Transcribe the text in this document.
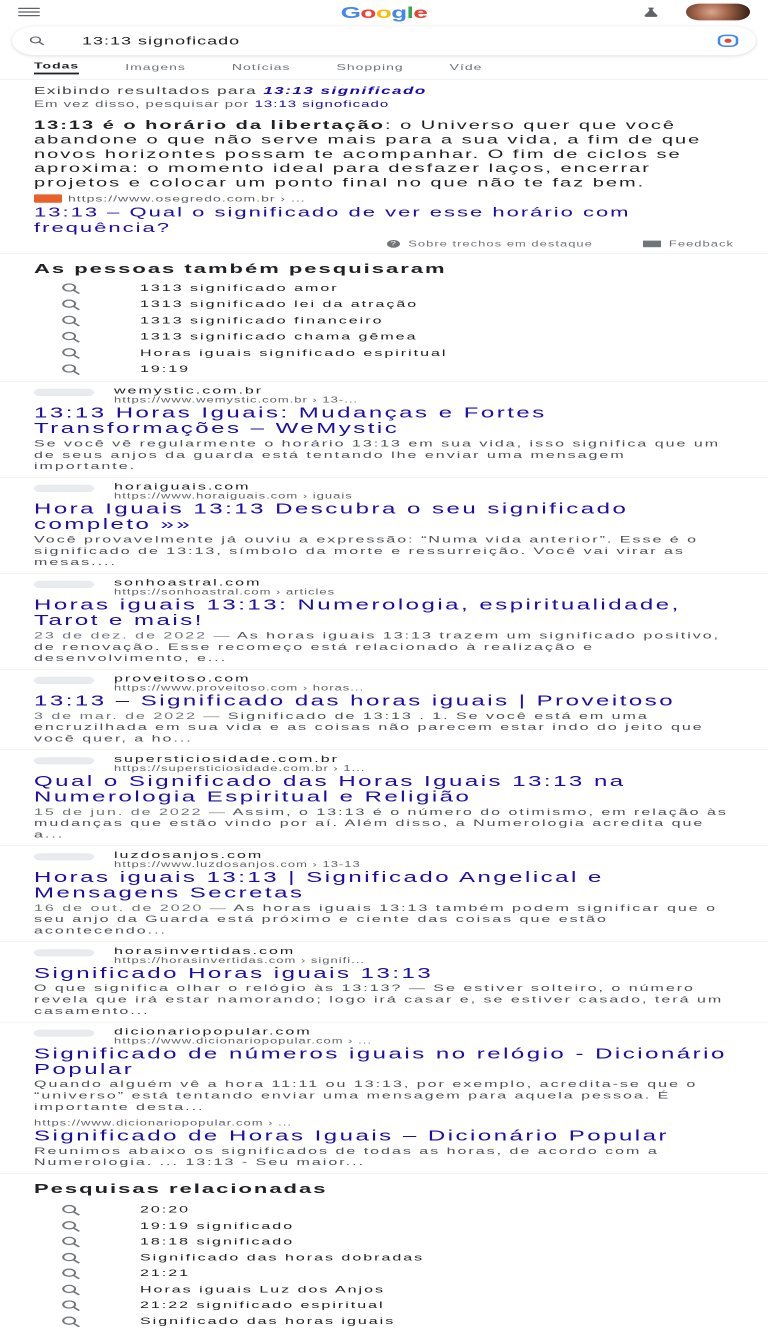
Google
13:13 signoficado
Todas	Imagens	Notícias	Shopping	Víde
Exibindo resultados para 13:13 significado
Em vez disso, pesquisar por 13:13 signoficado
13:13 é o horário da libertação: o Universo quer que você abandone o que não serve mais para a sua vida, a fim de que novos horizontes possam te acompanhar. O fim de ciclos se aproxima: o momento ideal para desfazer laços, encerrar projetos e colocar um ponto final no que não te faz bem.
https://www.osegredo.com.br › ...
13:13 – Qual o significado de ver esse horário com frequência?
? Sobre trechos em destaque	Feedback
As pessoas também pesquisaram
1313 significado amor
1313 significado lei da atração
1313 significado financeiro
1313 significado chama gêmea
Horas iguais significado espiritual
19:19
wemystic.com.br
https://www.wemystic.com.br › 13-...
13:13 Horas Iguais: Mudanças e Fortes Transformações – WeMystic
Se você vê regularmente o horário 13:13 em sua vida, isso significa que um de seus anjos da guarda está tentando lhe enviar uma mensagem importante.
horaiguais.com
https://www.horaiguais.com › iguais
Hora Iguais 13:13 Descubra o seu significado completo »»
Você provavelmente já ouviu a expressão: “Numa vida anterior”. Esse é o significado de 13:13, símbolo da morte e ressurreição. Você vai virar as mesas....
sonhoastral.com
https://sonhoastral.com › articles
Horas iguais 13:13: Numerologia, espiritualidade, Tarot e mais!
23 de dez. de 2022 — As horas iguais 13:13 trazem um significado positivo, de renovação. Esse recomeço está relacionado à realização e desenvolvimento, e...
proveitoso.com
https://www.proveitoso.com › horas...
13:13 – Significado das horas iguais | Proveitoso
3 de mar. de 2022 — Significado de 13:13 . 1. Se você está em uma encruzilhada em sua vida e as coisas não parecem estar indo do jeito que você quer, a ho...
supersticiosidade.com.br
https://supersticiosidade.com.br › 1...
Qual o Significado das Horas Iguais 13:13 na Numerologia Espiritual e Religião
15 de jun. de 2022 — Assim, o 13:13 é o número do otimismo, em relação às mudanças que estão vindo por aí. Além disso, a Numerologia acredita que a...
luzdosanjos.com
https://www.luzdosanjos.com › 13-13
Horas iguais 13:13 | Significado Angelical e Mensagens Secretas
16 de out. de 2020 — As horas iguais 13:13 também podem significar que o seu anjo da Guarda está próximo e ciente das coisas que estão acontecendo...
horasinvertidas.com
https://horasinvertidas.com › signifi...
Significado Horas iguais 13:13
O que significa olhar o relógio às 13:13? — Se estiver solteiro, o número revela que irá estar namorando; logo irá casar e, se estiver casado, terá um casamento...
dicionariopopular.com
https://www.dicionariopopular.com › ...
Significado de números iguais no relógio - Dicionário Popular
Quando alguém vê a hora 11:11 ou 13:13, por exemplo, acredita-se que o “universo” está tentando enviar uma mensagem para aquela pessoa. É importante desta...
https://www.dicionariopopular.com › ...
Significado de Horas Iguais – Dicionário Popular
Reunimos abaixo os significados de todas as horas, de acordo com a Numerologia. ... 13:13 - Seu maior...
Pesquisas relacionadas
20:20
19:19 significado
18:18 significado
Significado das horas dobradas
21:21
Horas iguais Luz dos Anjos
21:22 significado espiritual
Significado das horas iguais
